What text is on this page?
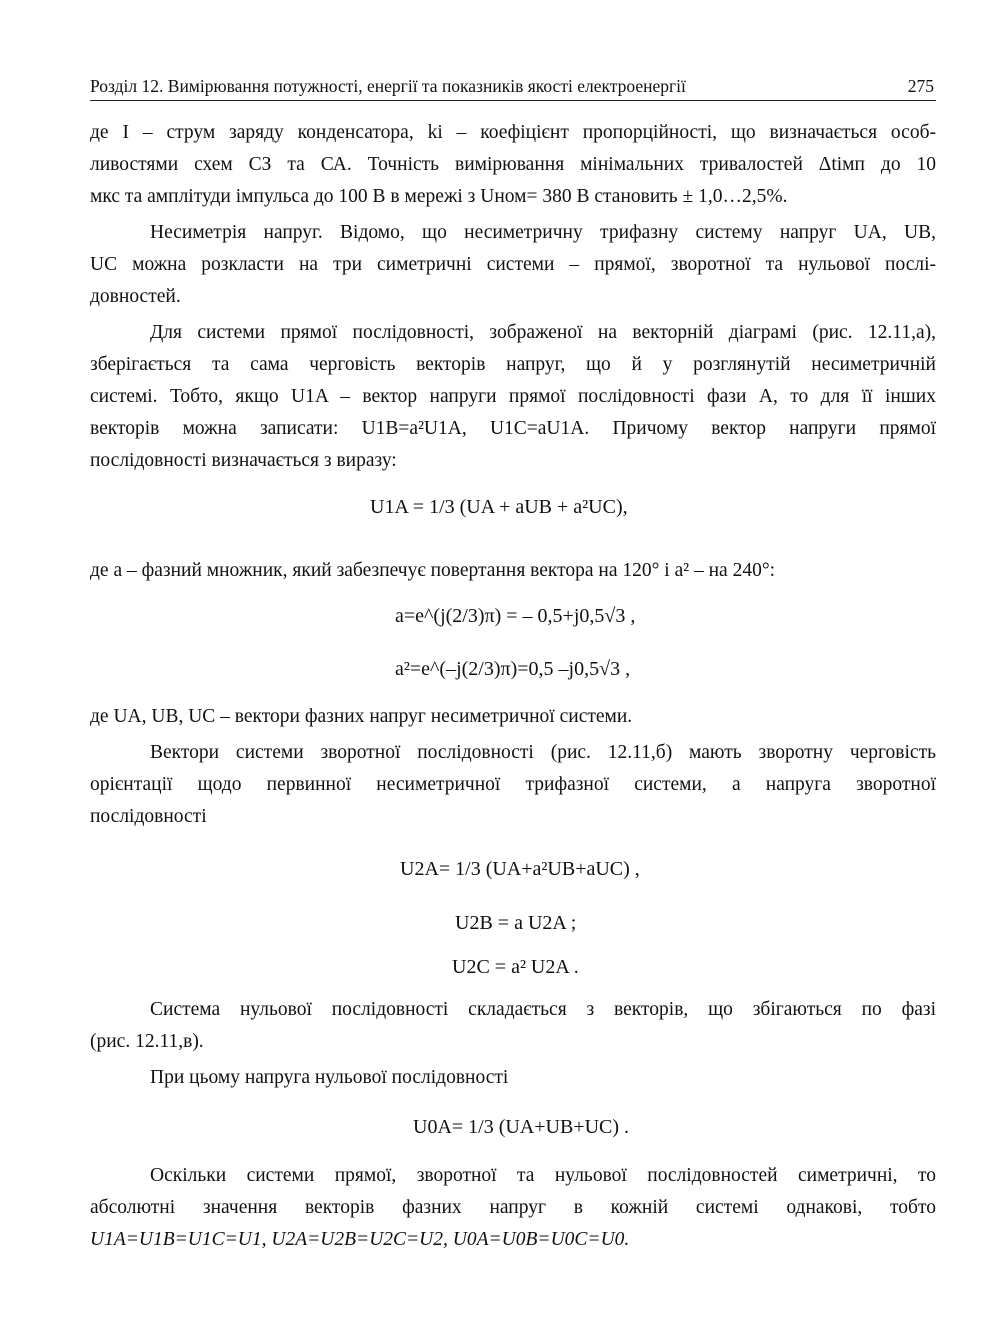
Розділ 12. Вимірювання потужності, енергії та показників якості електроенергії	275
де I – струм заряду конденсатора, kі – коефіцієнт пропорційності, що визначається особ-
ливостями схем СЗ та СА. Точність вимірювання мінімальних тривалостей Δtімп до 10
мкс та амплітуди імпульса до 100 В в мережі з Uном= 380 В становить ± 1,0…2,5%.
Несиметрія напруг. Відомо, що несиметричну трифазну систему напруг UA, UB,
UC можна розкласти на три симетричні системи – прямої, зворотної та нульової послі-
довностей.
Для системи прямої послідовності, зображеної на векторній діаграмі (рис. 12.11,а),
зберігається та сама черговість векторів напруг, що й у розглянутій несиметричній
системі. Тобто, якщо U1A – вектор напруги прямої послідовності фази А, то для її інших
векторів можна записати: U1B=a²U1A, U1C=aU1A. Причому вектор напруги прямої
послідовності визначається з виразу:
U1A = 1/3 (UA + aUB + a²UC),
де a – фазний множник, який забезпечує повертання вектора на 120° і a² – на 240°:
a=e^(j(2/3)π) = – 0,5+j0,5√3 ,
a²=e^(–j(2/3)π)=0,5 –j0,5√3 ,
де UA, UB, UC – вектори фазних напруг несиметричної системи.
Вектори системи зворотної послідовності (рис. 12.11,б) мають зворотну черговість
орієнтації щодо первинної несиметричної трифазної системи, а напруга зворотної
послідовності
U2A= 1/3 (UA+a²UB+aUC) ,
U2B = a U2A ;
U2C = a² U2A .
Система нульової послідовності складається з векторів, що збігаються по фазі
(рис. 12.11,в).
При цьому напруга нульової послідовності
U0A= 1/3 (UA+UB+UC) .
Оскільки системи прямої, зворотної та нульової послідовностей симетричні, то
абсолютні значення векторів фазних напруг в кожній системі однакові, тобто
U1A=U1B=U1C=U1, U2A=U2B=U2C=U2, U0A=U0B=U0C=U0.
